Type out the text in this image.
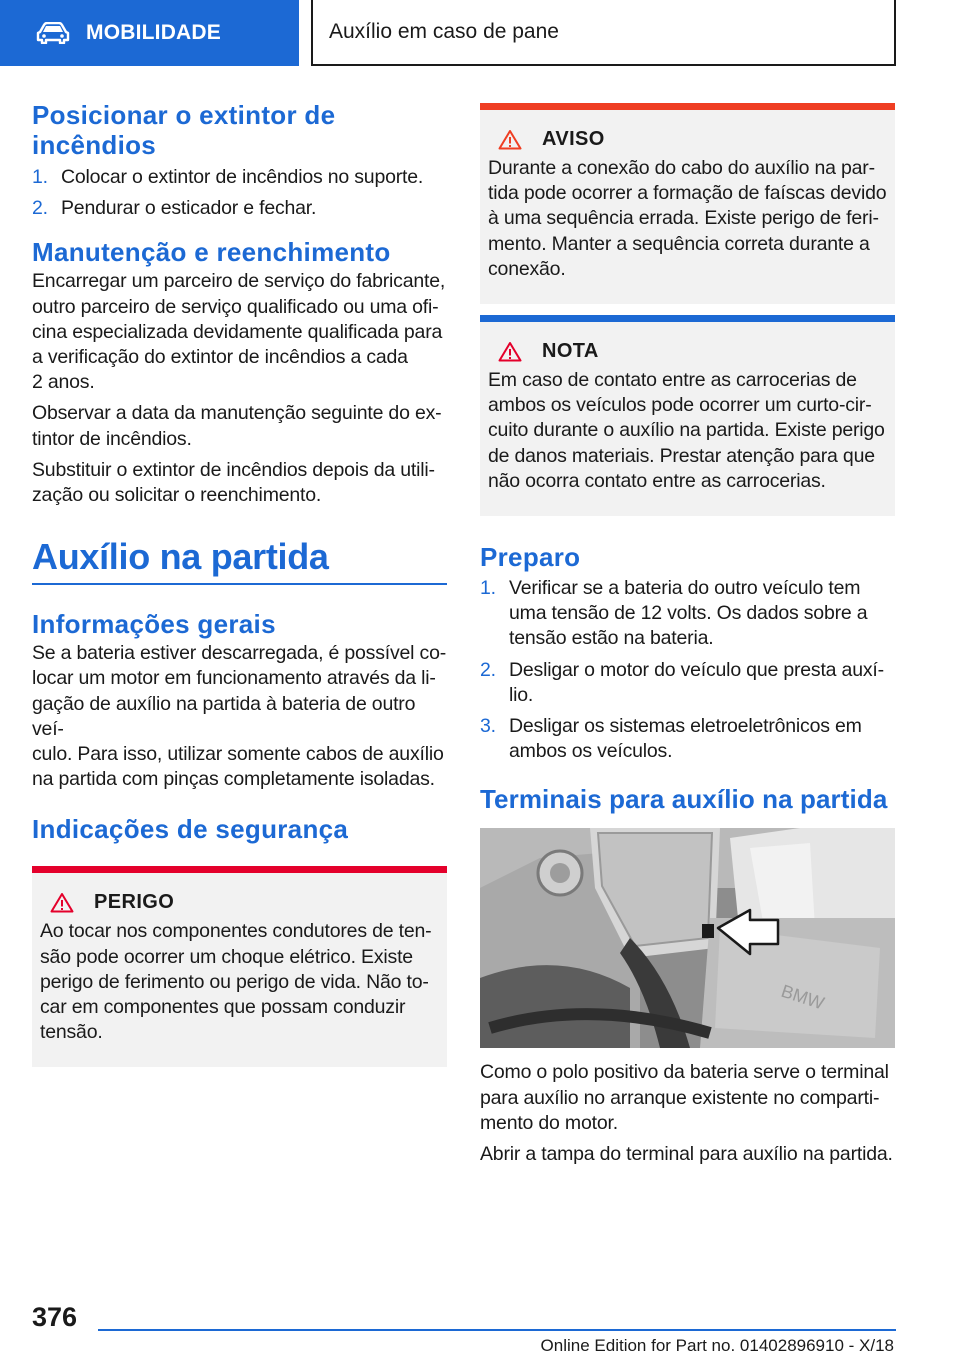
MOBILIDADE	Auxílio em caso de pane
Posicionar o extintor de
incêndios
1. Colocar o extintor de incêndios no suporte.
2. Pendurar o esticador e fechar.
Manutenção e reenchimento

Encarregar um parceiro de serviço do fabricante,
outro parceiro de serviço qualificado ou uma ofi-
cina especializada devidamente qualificada para
a verificação do extintor de incêndios a cada
2 anos.

Observar a data da manutenção seguinte do ex-
tintor de incêndios.

Substituir o extintor de incêndios depois da utili-
zação ou solicitar o reenchimento.

Auxílio na partida
Informações gerais

Se a bateria estiver descarregada, é possível co-
locar um motor em funcionamento através da li-
gação de auxílio na partida à bateria de outro veí-
culo. Para isso, utilizar somente cabos de auxílio
na partida com pinças completamente isoladas.

Indicações de segurança
PERIGO

Ao tocar nos componentes condutores de ten-
são pode ocorrer um choque elétrico. Existe
perigo de ferimento ou perigo de vida. Não to-
car em componentes que possam conduzir
tensão.

AVISO

Durante a conexão do cabo do auxílio na par-
tida pode ocorrer a formação de faíscas devido
à uma sequência errada. Existe perigo de feri-
mento. Manter a sequência correta durante a
conexão.

NOTA

Em caso de contato entre as carrocerias de
ambos os veículos pode ocorrer um curto-cir-
cuito durante o auxílio na partida. Existe perigo
de danos materiais. Prestar atenção para que
não ocorra contato entre as carrocerias.

Preparo
1. Verificar se a bateria do outro veículo tem
uma tensão de 12 volts. Os dados sobre a
tensão estão na bateria.
2. Desligar o motor do veículo que presta auxí-
lio.
3. Desligar os sistemas eletroeletrônicos em
ambos os veículos.
Terminais para auxílio na partida
BMW

Como o polo positivo da bateria serve o terminal
para auxílio no arranque existente no comparti-
mento do motor.

Abrir a tampa do terminal para auxílio na partida.

376
Online Edition for Part no. 01402896910 - X/18
